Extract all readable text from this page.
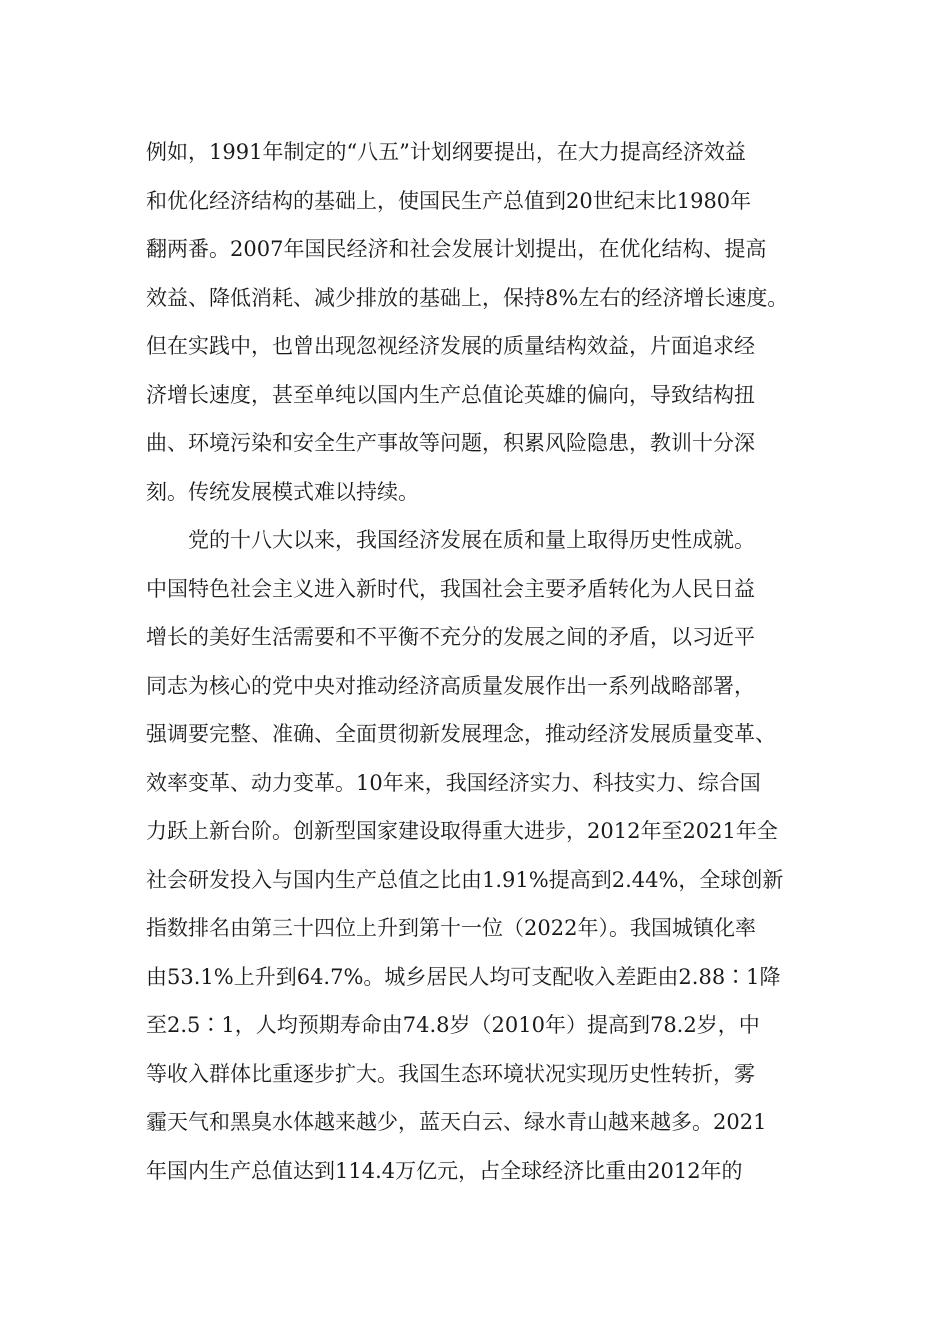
例如，1991年制定的“八五”计划纲要提出，在大力提高经济效益
和优化经济结构的基础上，使国民生产总值到20世纪末比1980年
翻两番。2007年国民经济和社会发展计划提出，在优化结构、提高
效益、降低消耗、减少排放的基础上，保持8%左右的经济增长速度。
但在实践中，也曾出现忽视经济发展的质量结构效益，片面追求经
济增长速度，甚至单纯以国内生产总值论英雄的偏向，导致结构扭
曲、环境污染和安全生产事故等问题，积累风险隐患，教训十分深
刻。传统发展模式难以持续。
党的十八大以来，我国经济发展在质和量上取得历史性成就。
中国特色社会主义进入新时代，我国社会主要矛盾转化为人民日益
增长的美好生活需要和不平衡不充分的发展之间的矛盾，以习近平
同志为核心的党中央对推动经济高质量发展作出一系列战略部署，
强调要完整、准确、全面贯彻新发展理念，推动经济发展质量变革、
效率变革、动力变革。10年来，我国经济实力、科技实力、综合国
力跃上新台阶。创新型国家建设取得重大进步，2012年至2021年全
社会研发投入与国内生产总值之比由1.91%提高到2.44%，全球创新
指数排名由第三十四位上升到第十一位（2022年）。我国城镇化率
由53.1%上升到64.7%。城乡居民人均可支配收入差距由2.88∶1降
至2.5∶1，人均预期寿命由74.8岁（2010年）提高到78.2岁，中
等收入群体比重逐步扩大。我国生态环境状况实现历史性转折，雾
霾天气和黑臭水体越来越少，蓝天白云、绿水青山越来越多。2021
年国内生产总值达到114.4万亿元，占全球经济比重由2012年的
